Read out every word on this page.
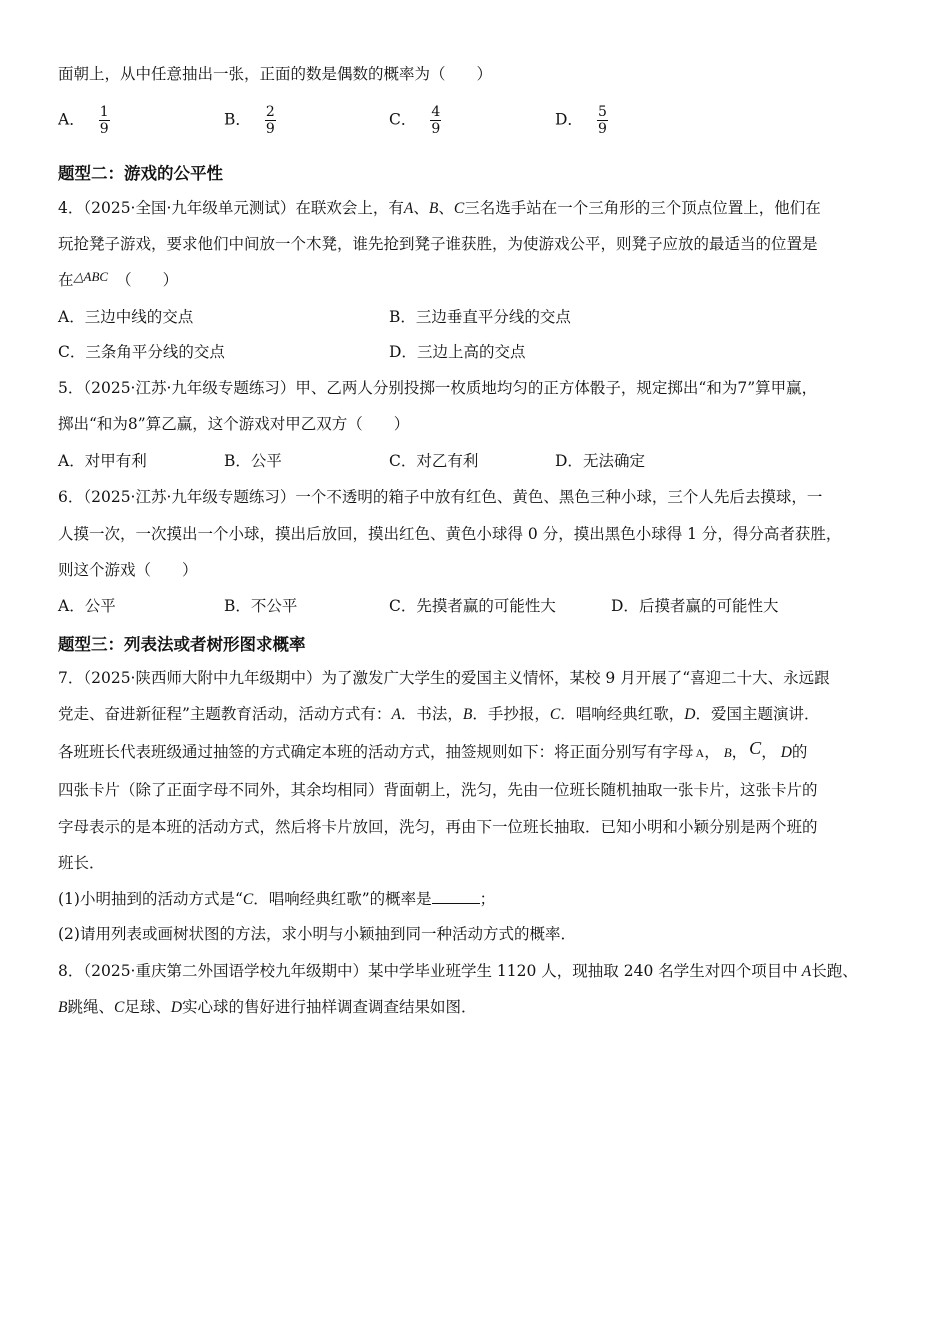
面朝上，从中任意抽出一张，正面的数是偶数的概率为（　　）
A． $\frac{1}{9}$	B． $\frac{2}{9}$	C． $\frac{4}{9}$	D． $\frac{5}{9}$
题型二：游戏的公平性
4．（2025·全国·九年级单元测试）在联欢会上，有A、B、C三名选手站在一个三角形的三个顶点位置上，他们在
玩抢凳子游戏，要求他们中间放一个木凳，谁先抢到凳子谁获胜，为使游戏公平，则凳子应放的最适当的位置是
在$^{\triangle ABC}$ （　　）
A．三边中线的交点	B．三边垂直平分线的交点
C．三条角平分线的交点	D．三边上高的交点
5．（2025·江苏·九年级专题练习）甲、乙两人分别投掷一枚质地均匀的正方体骰子，规定掷出“和为7”算甲赢，
掷出“和为8”算乙赢，这个游戏对甲乙双方（　　）
A．对甲有利	B．公平	C．对乙有利	D．无法确定
6．（2025·江苏·九年级专题练习）一个不透明的箱子中放有红色、黄色、黑色三种小球，三个人先后去摸球，一
人摸一次，一次摸出一个小球，摸出后放回，摸出红色、黄色小球得 0 分，摸出黑色小球得 1 分，得分高者获胜，
则这个游戏（　　）
A．公平	B．不公平	C．先摸者赢的可能性大	D．后摸者赢的可能性大
题型三：列表法或者树形图求概率
7．（2025·陕西师大附中九年级期中）为了激发广大学生的爱国主义情怀，某校 9 月开展了“喜迎二十大、永远跟
党走、奋进新征程”主题教育活动，活动方式有：A．书法，B．手抄报，C．唱响经典红歌，D．爱国主题演讲．
各班班长代表班级通过抽签的方式确定本班的活动方式，抽签规则如下：将正面分别写有字母 A， B， C， D的
四张卡片（除了正面字母不同外，其余均相同）背面朝上，洗匀，先由一位班长随机抽取一张卡片，这张卡片的
字母表示的是本班的活动方式，然后将卡片放回，洗匀，再由下一位班长抽取．已知小明和小颖分别是两个班的
班长．
(1)小明抽到的活动方式是“C．唱响经典红歌”的概率是	；
(2)请用列表或画树状图的方法，求小明与小颖抽到同一种活动方式的概率．
8．（2025·重庆第二外国语学校九年级期中）某中学毕业班学生 1120 人，现抽取 240 名学生对四个项目中 A长跑、
B跳绳、C足球、D实心球的售好进行抽样调查调查结果如图．
